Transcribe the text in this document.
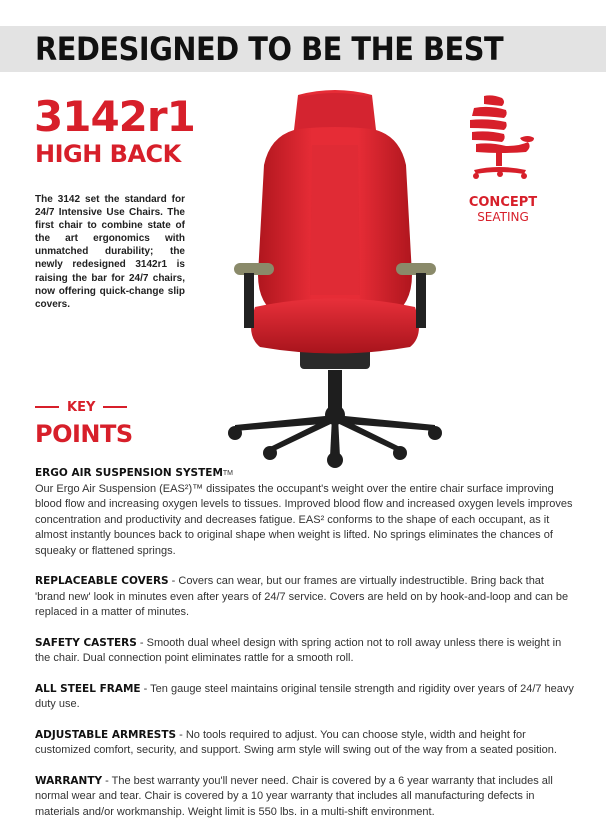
REDESIGNED TO BE THE BEST
3142r1
HIGH BACK
The 3142 set the standard for 24/7 Intensive Use Chairs. The first chair to combine state of the art ergonomics with unmatched durability; the newly redesigned 3142r1 is raising the bar for 24/7 chairs, now offering quick-change slip covers.
CONCEPT
SEATING
KEY
POINTS

ERGO AIR SUSPENSION SYSTEM™
Our Ergo Air Suspension (EAS²)™ dissipates the occupant's weight over the entire chair surface improving blood flow and increasing oxygen levels to tissues. Improved blood flow and increased oxygen levels improves concentration and productivity and decreases fatigue. EAS² conforms to the shape of each occupant, as it almost instantly bounces back to original shape when weight is lifted. No springs eliminates the chances of squeaky or flattened springs.

REPLACEABLE COVERS - Covers can wear, but our frames are virtually indestructible. Bring back that 'brand new' look in minutes even after years of 24/7 service. Covers are held on by hook-and-loop and can be replaced in a matter of minutes.

SAFETY CASTERS - Smooth dual wheel design with spring action not to roll away unless there is weight in the chair. Dual connection point eliminates rattle for a smooth roll.

ALL STEEL FRAME - Ten gauge steel maintains original tensile strength and rigidity over years of 24/7 heavy duty use.

ADJUSTABLE ARMRESTS - No tools required to adjust. You can choose style, width and height for customized comfort, security, and support. Swing arm style will swing out of the way from a seated position.

WARRANTY - The best warranty you'll never need. Chair is covered by a 6 year warranty that includes all normal wear and tear. Chair is covered by a 10 year warranty that includes all manufacturing defects in materials and/or workmanship. Weight limit is 550 lbs. in a multi-shift environment.
